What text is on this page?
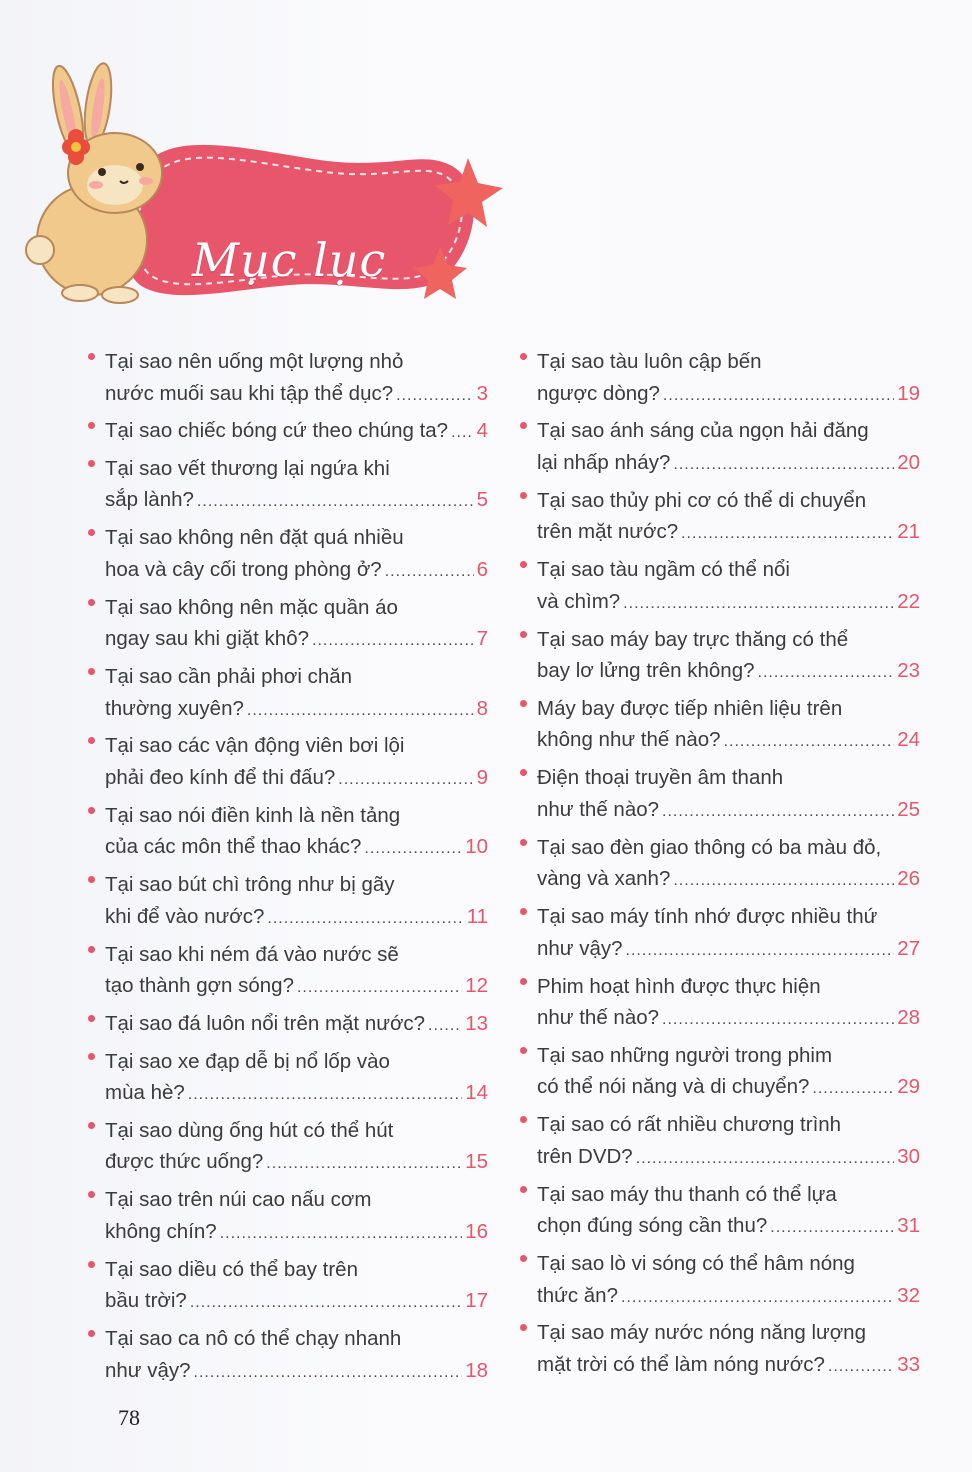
Mục lục
Tại sao nên uống một lượng nhỏ
nước muối sau khi tập thể dục? .....	3
Tại sao chiếc bóng cứ theo chúng ta? ..... 4
Tại sao vết thương lại ngứa khi
sắp lành? .....	5
Tại sao không nên đặt quá nhiều
hoa và cây cối trong phòng ở? .....	6
Tại sao không nên mặc quần áo
ngay sau khi giặt khô? .....	7
Tại sao cần phải phơi chăn
thường xuyên? .....	8
Tại sao các vận động viên bơi lội
phải đeo kính để thi đấu? .....	9
Tại sao nói điền kinh là nền tảng
của các môn thể thao khác? .....	10
Tại sao bút chì trông như bị gãy
khi để vào nước? .....	11
Tại sao khi ném đá vào nước sẽ
tạo thành gợn sóng? .....	12
Tại sao đá luôn nổi trên mặt nước? ..... 13
Tại sao xe đạp dễ bị nổ lốp vào
mùa hè? .....	14
Tại sao dùng ống hút có thể hút
được thức uống? .....	15
Tại sao trên núi cao nấu cơm
không chín? .....	16
Tại sao diều có thể bay trên
bầu trời? .....	17
Tại sao ca nô có thể chạy nhanh
như vậy? .....	18
Tại sao tàu luôn cập bến
ngược dòng? .....	19
Tại sao ánh sáng của ngọn hải đăng
lại nhấp nháy? .....	20
Tại sao thủy phi cơ có thể di chuyển
trên mặt nước? .....	21
Tại sao tàu ngầm có thể nổi
và chìm? .....	22
Tại sao máy bay trực thăng có thể
bay lơ lửng trên không? .....	23
Máy bay được tiếp nhiên liệu trên
không như thế nào? .....	24
Điện thoại truyền âm thanh
như thế nào? .....	25
Tại sao đèn giao thông có ba màu đỏ,
vàng và xanh? .....	26
Tại sao máy tính nhớ được nhiều thứ
như vậy? .....	27
Phim hoạt hình được thực hiện
như thế nào? .....	28
Tại sao những người trong phim
có thể nói năng và di chuyển? .....	29
Tại sao có rất nhiều chương trình
trên DVD? .....	30
Tại sao máy thu thanh có thể lựa
chọn đúng sóng cần thu? .....	31
Tại sao lò vi sóng có thể hâm nóng
thức ăn? .....	32
Tại sao máy nước nóng năng lượng
mặt trời có thể làm nóng nước? .....	33
78
